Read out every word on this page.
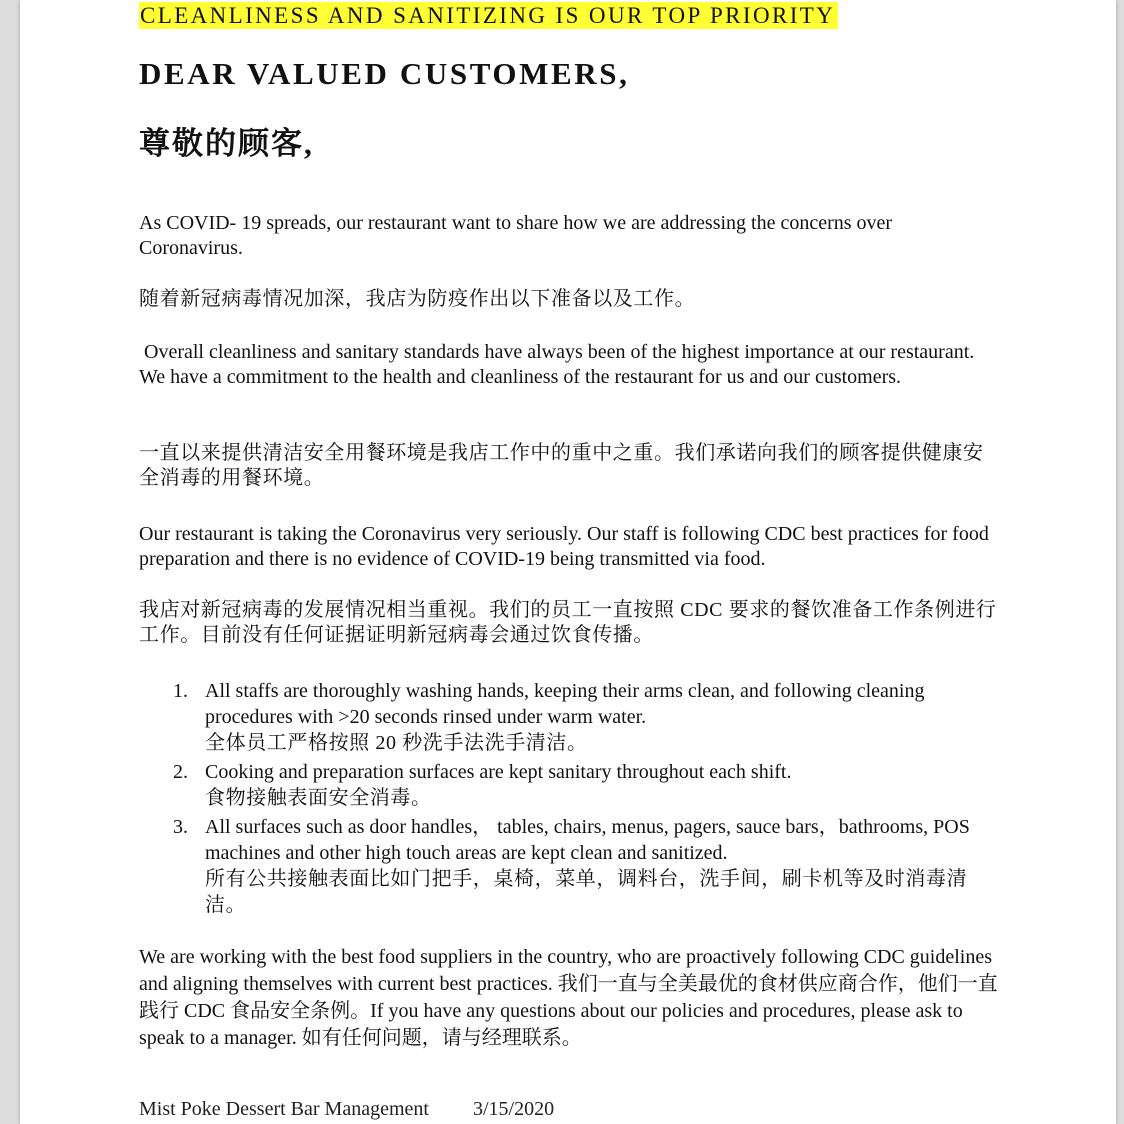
CLEANLINESS AND SANITIZING IS OUR TOP PRIORITY
DEAR VALUED CUSTOMERS,
尊敬的顾客,

As COVID- 19 spreads, our restaurant want to share how we are addressing the concerns over Coronavirus.

随着新冠病毒情况加深，我店为防疫作出以下准备以及工作。

Overall cleanliness and sanitary standards have always been of the highest importance at our restaurant. We have a commitment to the health and cleanliness of the restaurant for us and our customers.

一直以来提供清洁安全用餐环境是我店工作中的重中之重。我们承诺向我们的顾客提供健康安全消毒的用餐环境。

Our restaurant is taking the Coronavirus very seriously. Our staff is following CDC best practices for food preparation and there is no evidence of COVID-19 being transmitted via food.

我店对新冠病毒的发展情况相当重视。我们的员工一直按照 CDC 要求的餐饮准备工作条例进行工作。目前没有任何证据证明新冠病毒会通过饮食传播。

1. All staffs are thoroughly washing hands, keeping their arms clean, and following cleaning procedures with >20 seconds rinsed under warm water.
全体员工严格按照 20 秒洗手法洗手清洁。
2. Cooking and preparation surfaces are kept sanitary throughout each shift.
食物接触表面安全消毒。
3. All surfaces such as door handles， tables, chairs, menus, pagers, sauce bars，bathrooms, POS machines and other high touch areas are kept clean and sanitized.
所有公共接触表面比如门把手，桌椅，菜单，调料台，洗手间，刷卡机等及时消毒清洁。

We are working with the best food suppliers in the country, who are proactively following CDC guidelines and aligning themselves with current best practices. 我们一直与全美最优的食材供应商合作，他们一直践行 CDC 食品安全条例。If you have any questions about our policies and procedures, please ask to speak to a manager. 如有任何问题，请与经理联系。

Mist Poke Dessert Bar Management 3/15/2020
